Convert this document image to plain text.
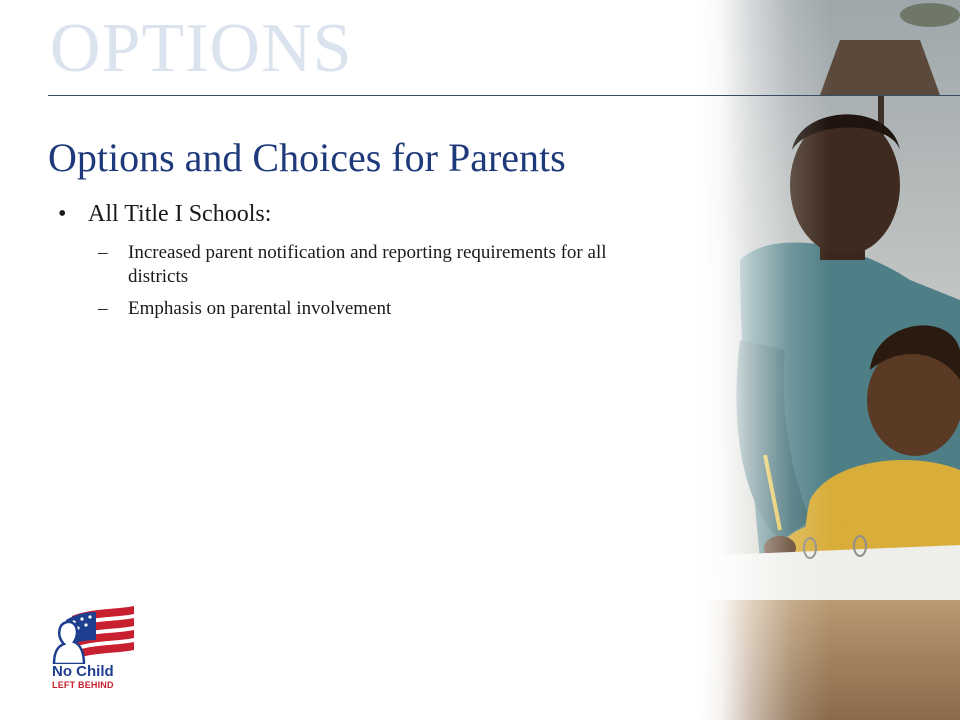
OPTIONS
Options and Choices for Parents
• All Title I Schools:
– Increased parent notification and reporting requirements for all districts
– Emphasis on parental involvement
No Child
LEFT BEHIND
